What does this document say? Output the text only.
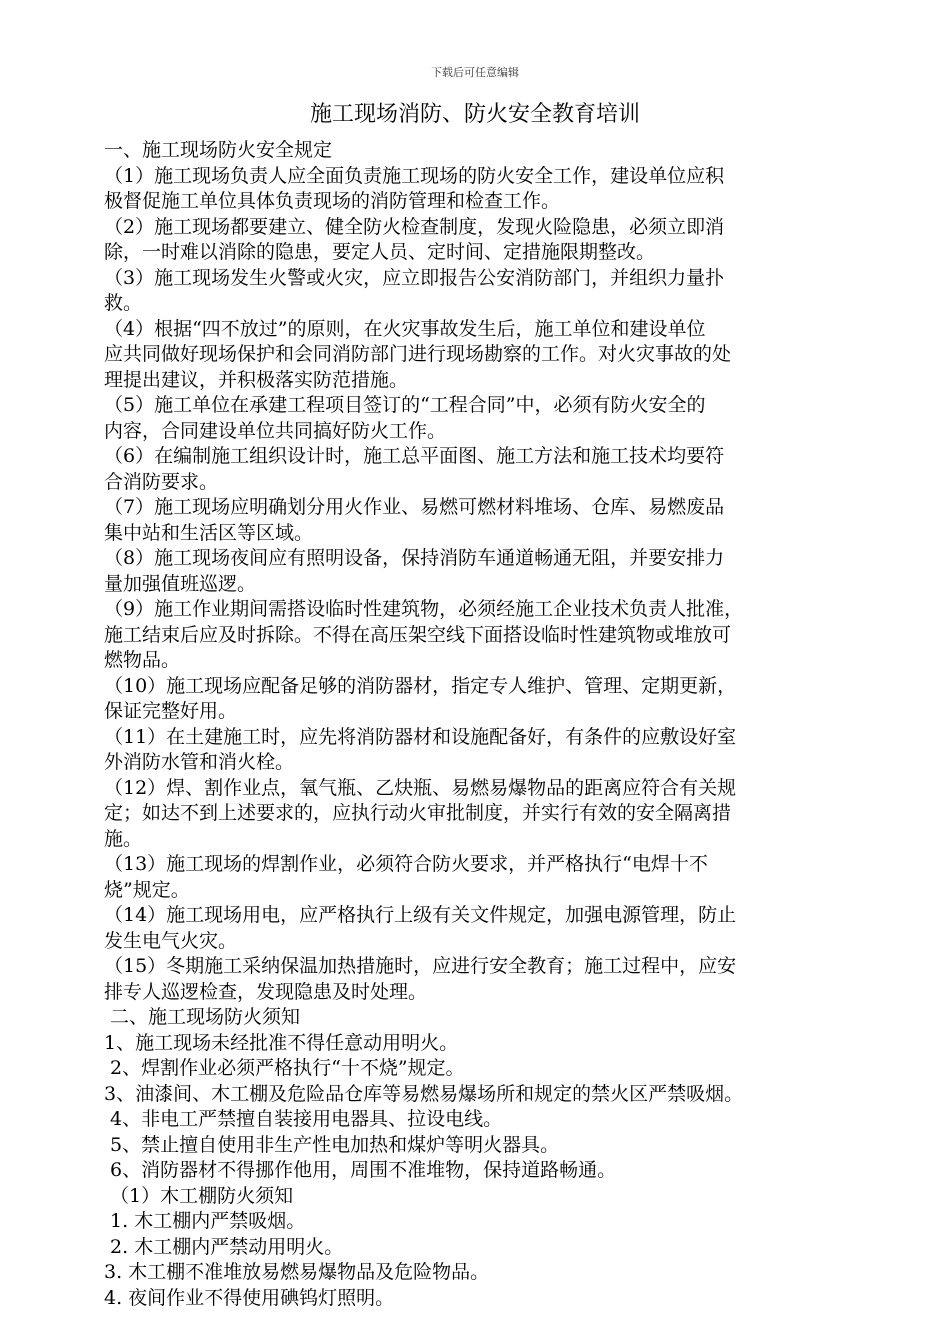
下载后可任意编辑
施工现场消防、防火安全教育培训
一、施工现场防火安全规定
（1）施工现场负责人应全面负责施工现场的防火安全工作，建设单位应积
极督促施工单位具体负责现场的消防管理和检查工作。
（2）施工现场都要建立、健全防火检查制度，发现火险隐患，必须立即消
除，一时难以消除的隐患，要定人员、定时间、定措施限期整改。
（3）施工现场发生火警或火灾，应立即报告公安消防部门，并组织力量扑
救。
（4）根据“四不放过”的原则，在火灾事故发生后，施工单位和建设单位
应共同做好现场保护和会同消防部门进行现场勘察的工作。对火灾事故的处
理提出建议，并积极落实防范措施。
（5）施工单位在承建工程项目签订的“工程合同”中，必须有防火安全的
内容，合同建设单位共同搞好防火工作。
（6）在编制施工组织设计时，施工总平面图、施工方法和施工技术均要符
合消防要求。
（7）施工现场应明确划分用火作业、易燃可燃材料堆场、仓库、易燃废品
集中站和生活区等区域。
（8）施工现场夜间应有照明设备，保持消防车通道畅通无阻，并要安排力
量加强值班巡逻。
（9）施工作业期间需搭设临时性建筑物，必须经施工企业技术负责人批准，
施工结束后应及时拆除。不得在高压架空线下面搭设临时性建筑物或堆放可
燃物品。
（10）施工现场应配备足够的消防器材，指定专人维护、管理、定期更新，
保证完整好用。
（11）在土建施工时，应先将消防器材和设施配备好，有条件的应敷设好室
外消防水管和消火栓。
（12）焊、割作业点，氧气瓶、乙炔瓶、易燃易爆物品的距离应符合有关规
定；如达不到上述要求的，应执行动火审批制度，并实行有效的安全隔离措
施。
（13）施工现场的焊割作业，必须符合防火要求，并严格执行“电焊十不
烧”规定。
（14）施工现场用电，应严格执行上级有关文件规定，加强电源管理，防止
发生电气火灾。
（15）冬期施工采纳保温加热措施时，应进行安全教育；施工过程中，应安
排专人巡逻检查，发现隐患及时处理。
二、施工现场防火须知
1、施工现场未经批准不得任意动用明火。
2、焊割作业必须严格执行“十不烧”规定。
3、油漆间、木工棚及危险品仓库等易燃易爆场所和规定的禁火区严禁吸烟。
4、非电工严禁擅自装接用电器具、拉设电线。
5、禁止擅自使用非生产性电加热和煤炉等明火器具。
6、消防器材不得挪作他用，周围不准堆物，保持道路畅通。
（1）木工棚防火须知
1. 木工棚内严禁吸烟。
2. 木工棚内严禁动用明火。
3. 木工棚不准堆放易燃易爆物品及危险物品。
4. 夜间作业不得使用碘钨灯照明。
